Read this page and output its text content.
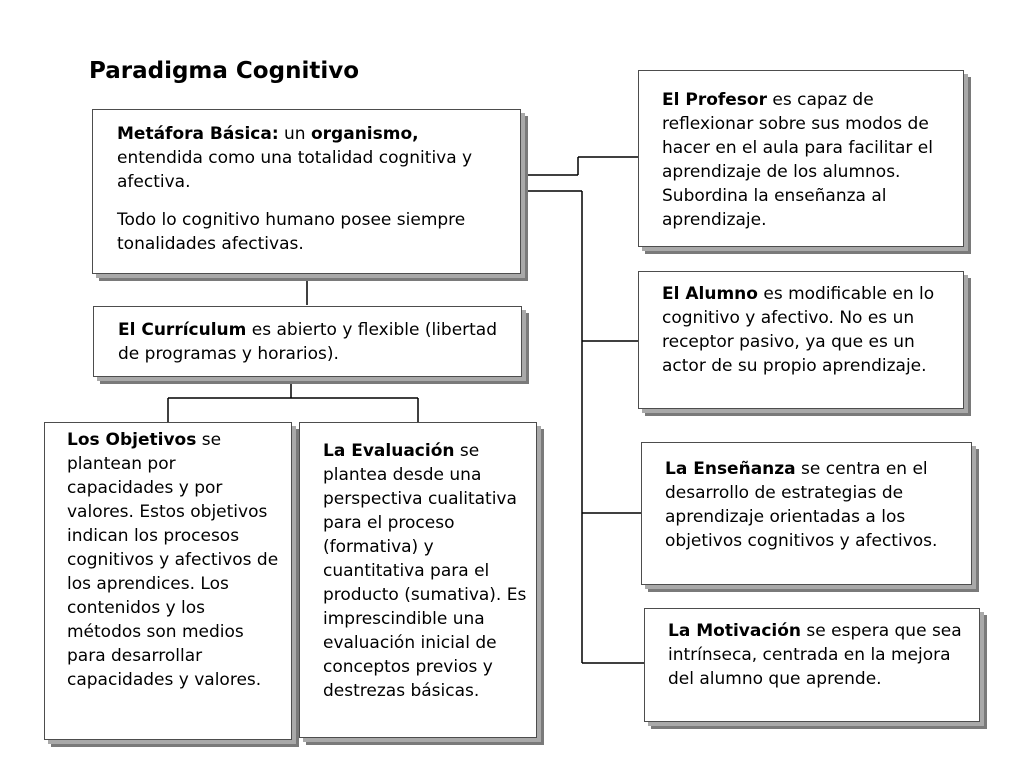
Paradigma Cognitivo

Metáfora Básica: un organismo, entendida como una totalidad cognitiva y afectiva.

Todo lo cognitivo humano posee siempre tonalidades afectivas.

El Currículum es abierto y flexible (libertad de programas y horarios).

Los Objetivos se plantean por capacidades y por valores. Estos objetivos indican los procesos cognitivos y afectivos de los aprendices. Los contenidos y los métodos son medios para desarrollar capacidades y valores.

La Evaluación se plantea desde una perspectiva cualitativa para el proceso (formativa) y cuantitativa para el producto (sumativa). Es imprescindible una evaluación inicial de conceptos previos y destrezas básicas.

El Profesor es capaz de reflexionar sobre sus modos de hacer en el aula para facilitar el aprendizaje de los alumnos. Subordina la enseñanza al aprendizaje.

El Alumno es modificable en lo cognitivo y afectivo. No es un receptor pasivo, ya que es un actor de su propio aprendizaje.

La Enseñanza se centra en el desarrollo de estrategias de aprendizaje orientadas a los objetivos cognitivos y afectivos.

La Motivación se espera que sea intrínseca, centrada en la mejora del alumno que aprende.
